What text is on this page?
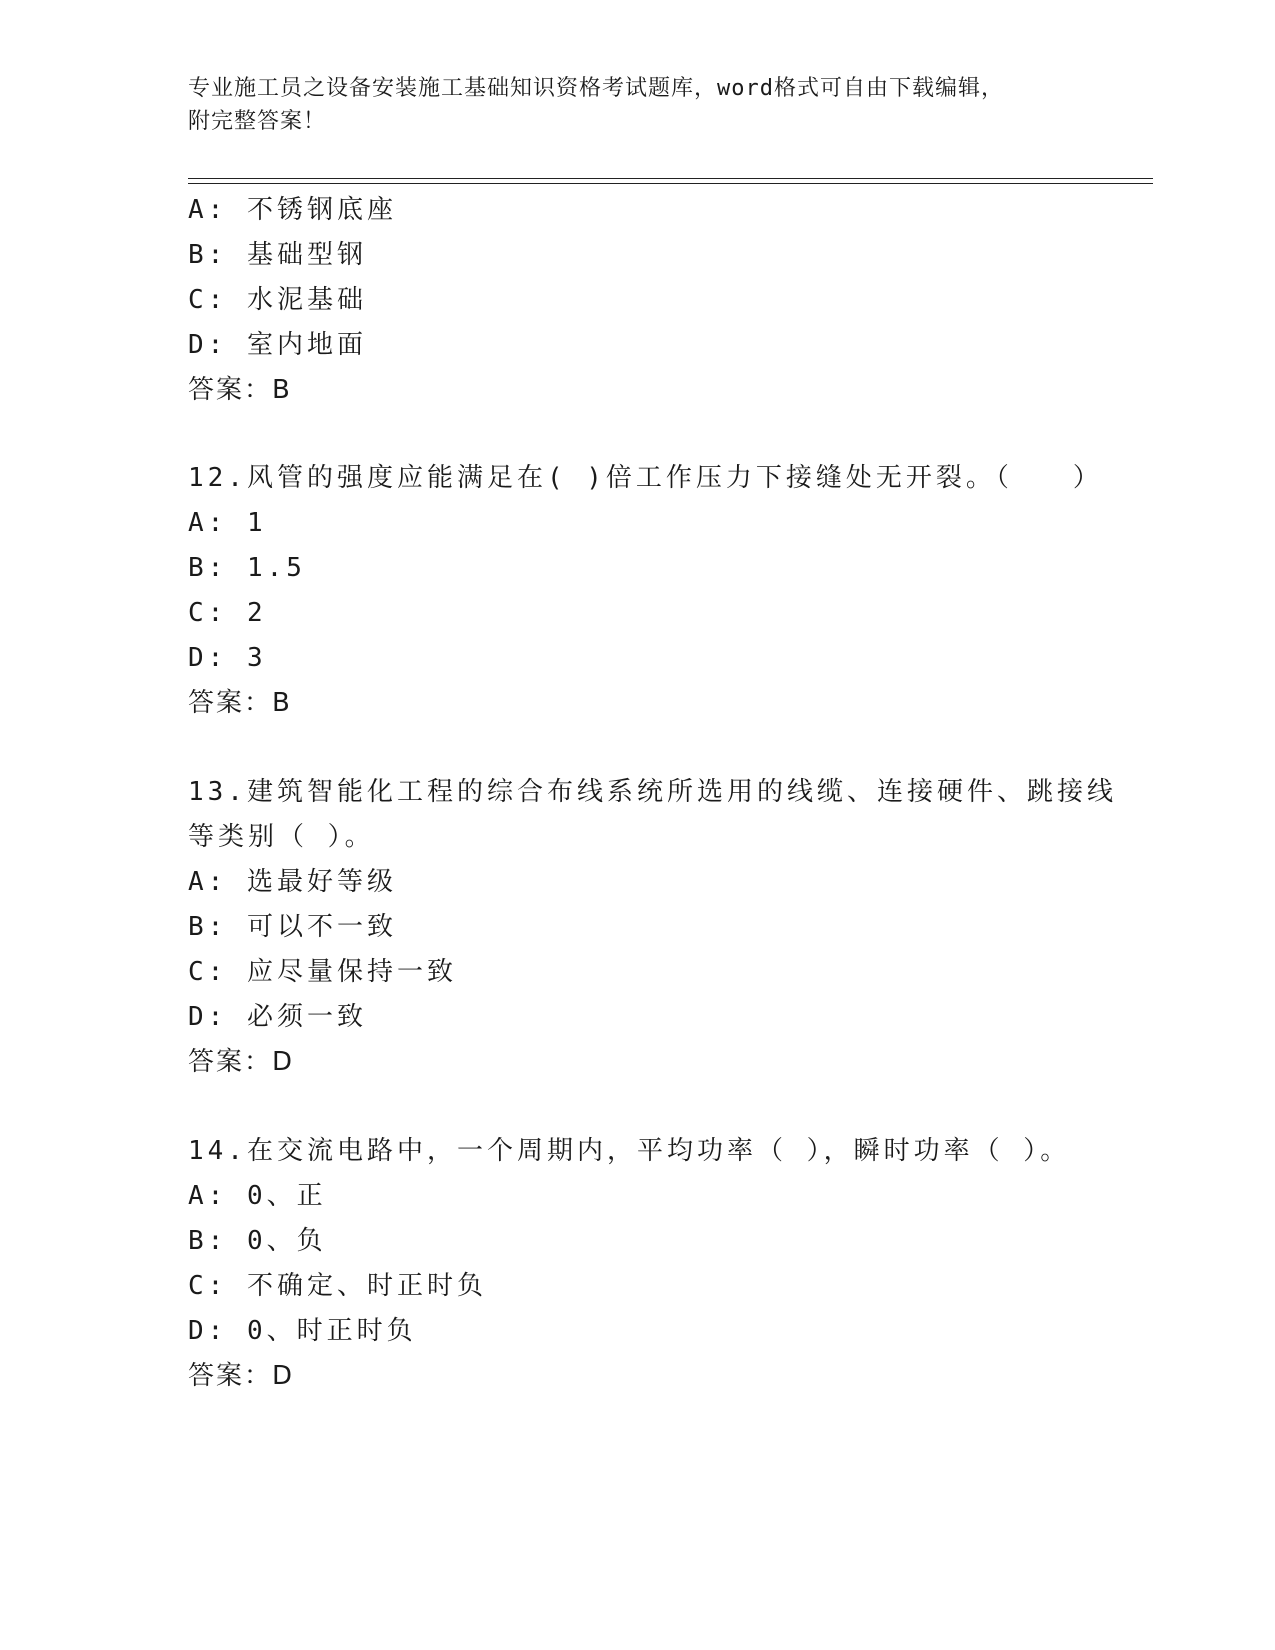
专业施工员之设备安装施工基础知识资格考试题库，word格式可自由下载编辑，
附完整答案！
A: 不锈钢底座
B: 基础型钢
C: 水泥基础
D: 室内地面
答案：B
12.风管的强度应能满足在( )倍工作压力下接缝处无开裂。（　　）
A: 1
B: 1.5
C: 2
D: 3
答案：B
13.建筑智能化工程的综合布线系统所选用的线缆、连接硬件、跳接线
等类别（ ）。
A: 选最好等级
B: 可以不一致
C: 应尽量保持一致
D: 必须一致
答案：D
14.在交流电路中，一个周期内，平均功率（ ），瞬时功率（ ）。
A: 0、正
B: 0、负
C: 不确定、时正时负
D: 0、时正时负
答案：D
